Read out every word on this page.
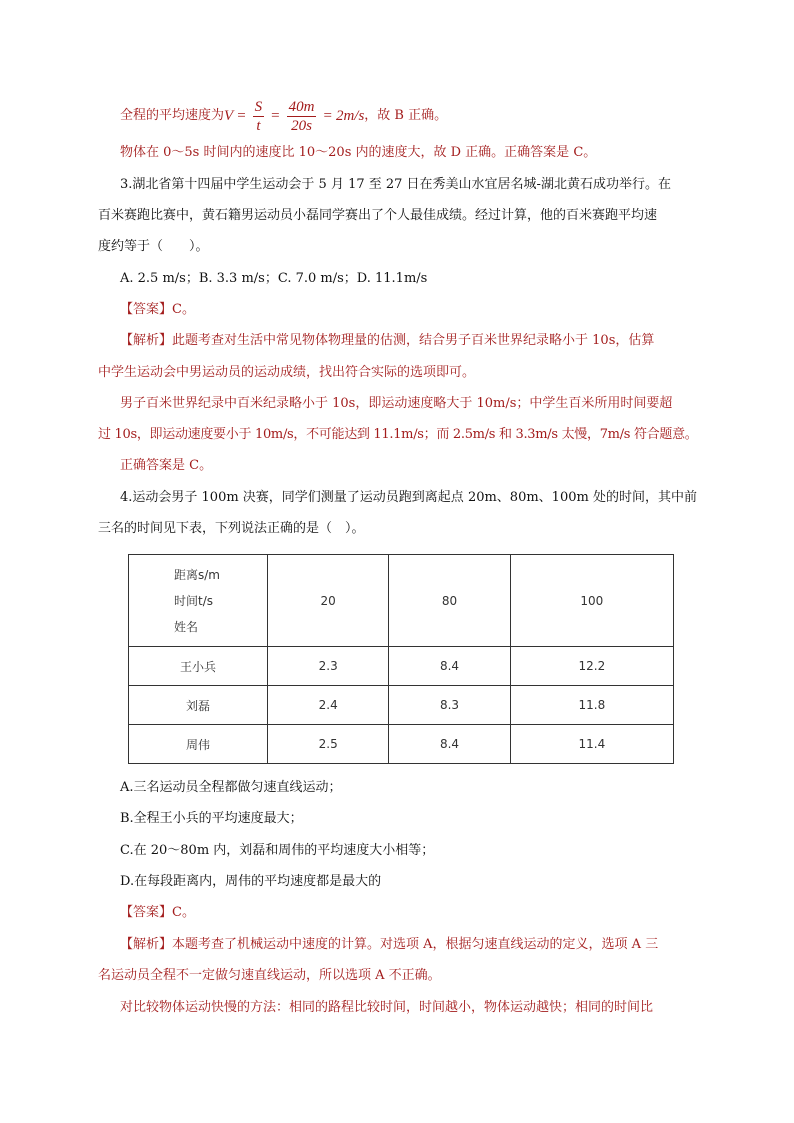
全程的平均速度为 $V = \frac{S}{t} = \frac{40m}{20s} = 2m/s$ ，故 B 正确。

物体在 0～5s 时间内的速度比 10～20s 内的速度大，故 D 正确。正确答案是 C。

3.湖北省第十四届中学生运动会于 5 月 17 至 27 日在秀美山水宜居名城-湖北黄石成功举行。在

百米赛跑比赛中，黄石籍男运动员小磊同学赛出了个人最佳成绩。经过计算，他的百米赛跑平均速

度约等于（　　）。

A. 2.5 m/s；B. 3.3 m/s；C. 7.0 m/s；D. 11.1m/s

【答案】C。

【解析】此题考查对生活中常见物体物理量的估测，结合男子百米世界纪录略小于 10s，估算

中学生运动会中男运动员的运动成绩，找出符合实际的选项即可。

男子百米世界纪录中百米纪录略小于 10s，即运动速度略大于 10m/s；中学生百米所用时间要超

过 10s，即运动速度要小于 10m/s，不可能达到 11.1m/s；而 2.5m/s 和 3.3m/s 太慢，7m/s 符合题意。

正确答案是 C。

4.运动会男子 100m 决赛，同学们测量了运动员跑到离起点 20m、80m、100m 处的时间，其中前

三名的时间见下表，下列说法正确的是（　）。

距离s/m
时间t/s
姓名	20	80	100
王小兵	2.3	8.4	12.2
刘磊	2.4	8.3	11.8
周伟	2.5	8.4	11.4

A.三名运动员全程都做匀速直线运动；

B.全程王小兵的平均速度最大；

C.在 20～80m 内，刘磊和周伟的平均速度大小相等；

D.在每段距离内，周伟的平均速度都是最大的

【答案】C。

【解析】本题考查了机械运动中速度的计算。对选项 A，根据匀速直线运动的定义，选项 A 三

名运动员全程不一定做匀速直线运动，所以选项 A 不正确。

对比较物体运动快慢的方法：相同的路程比较时间，时间越小，物体运动越快；相同的时间比
